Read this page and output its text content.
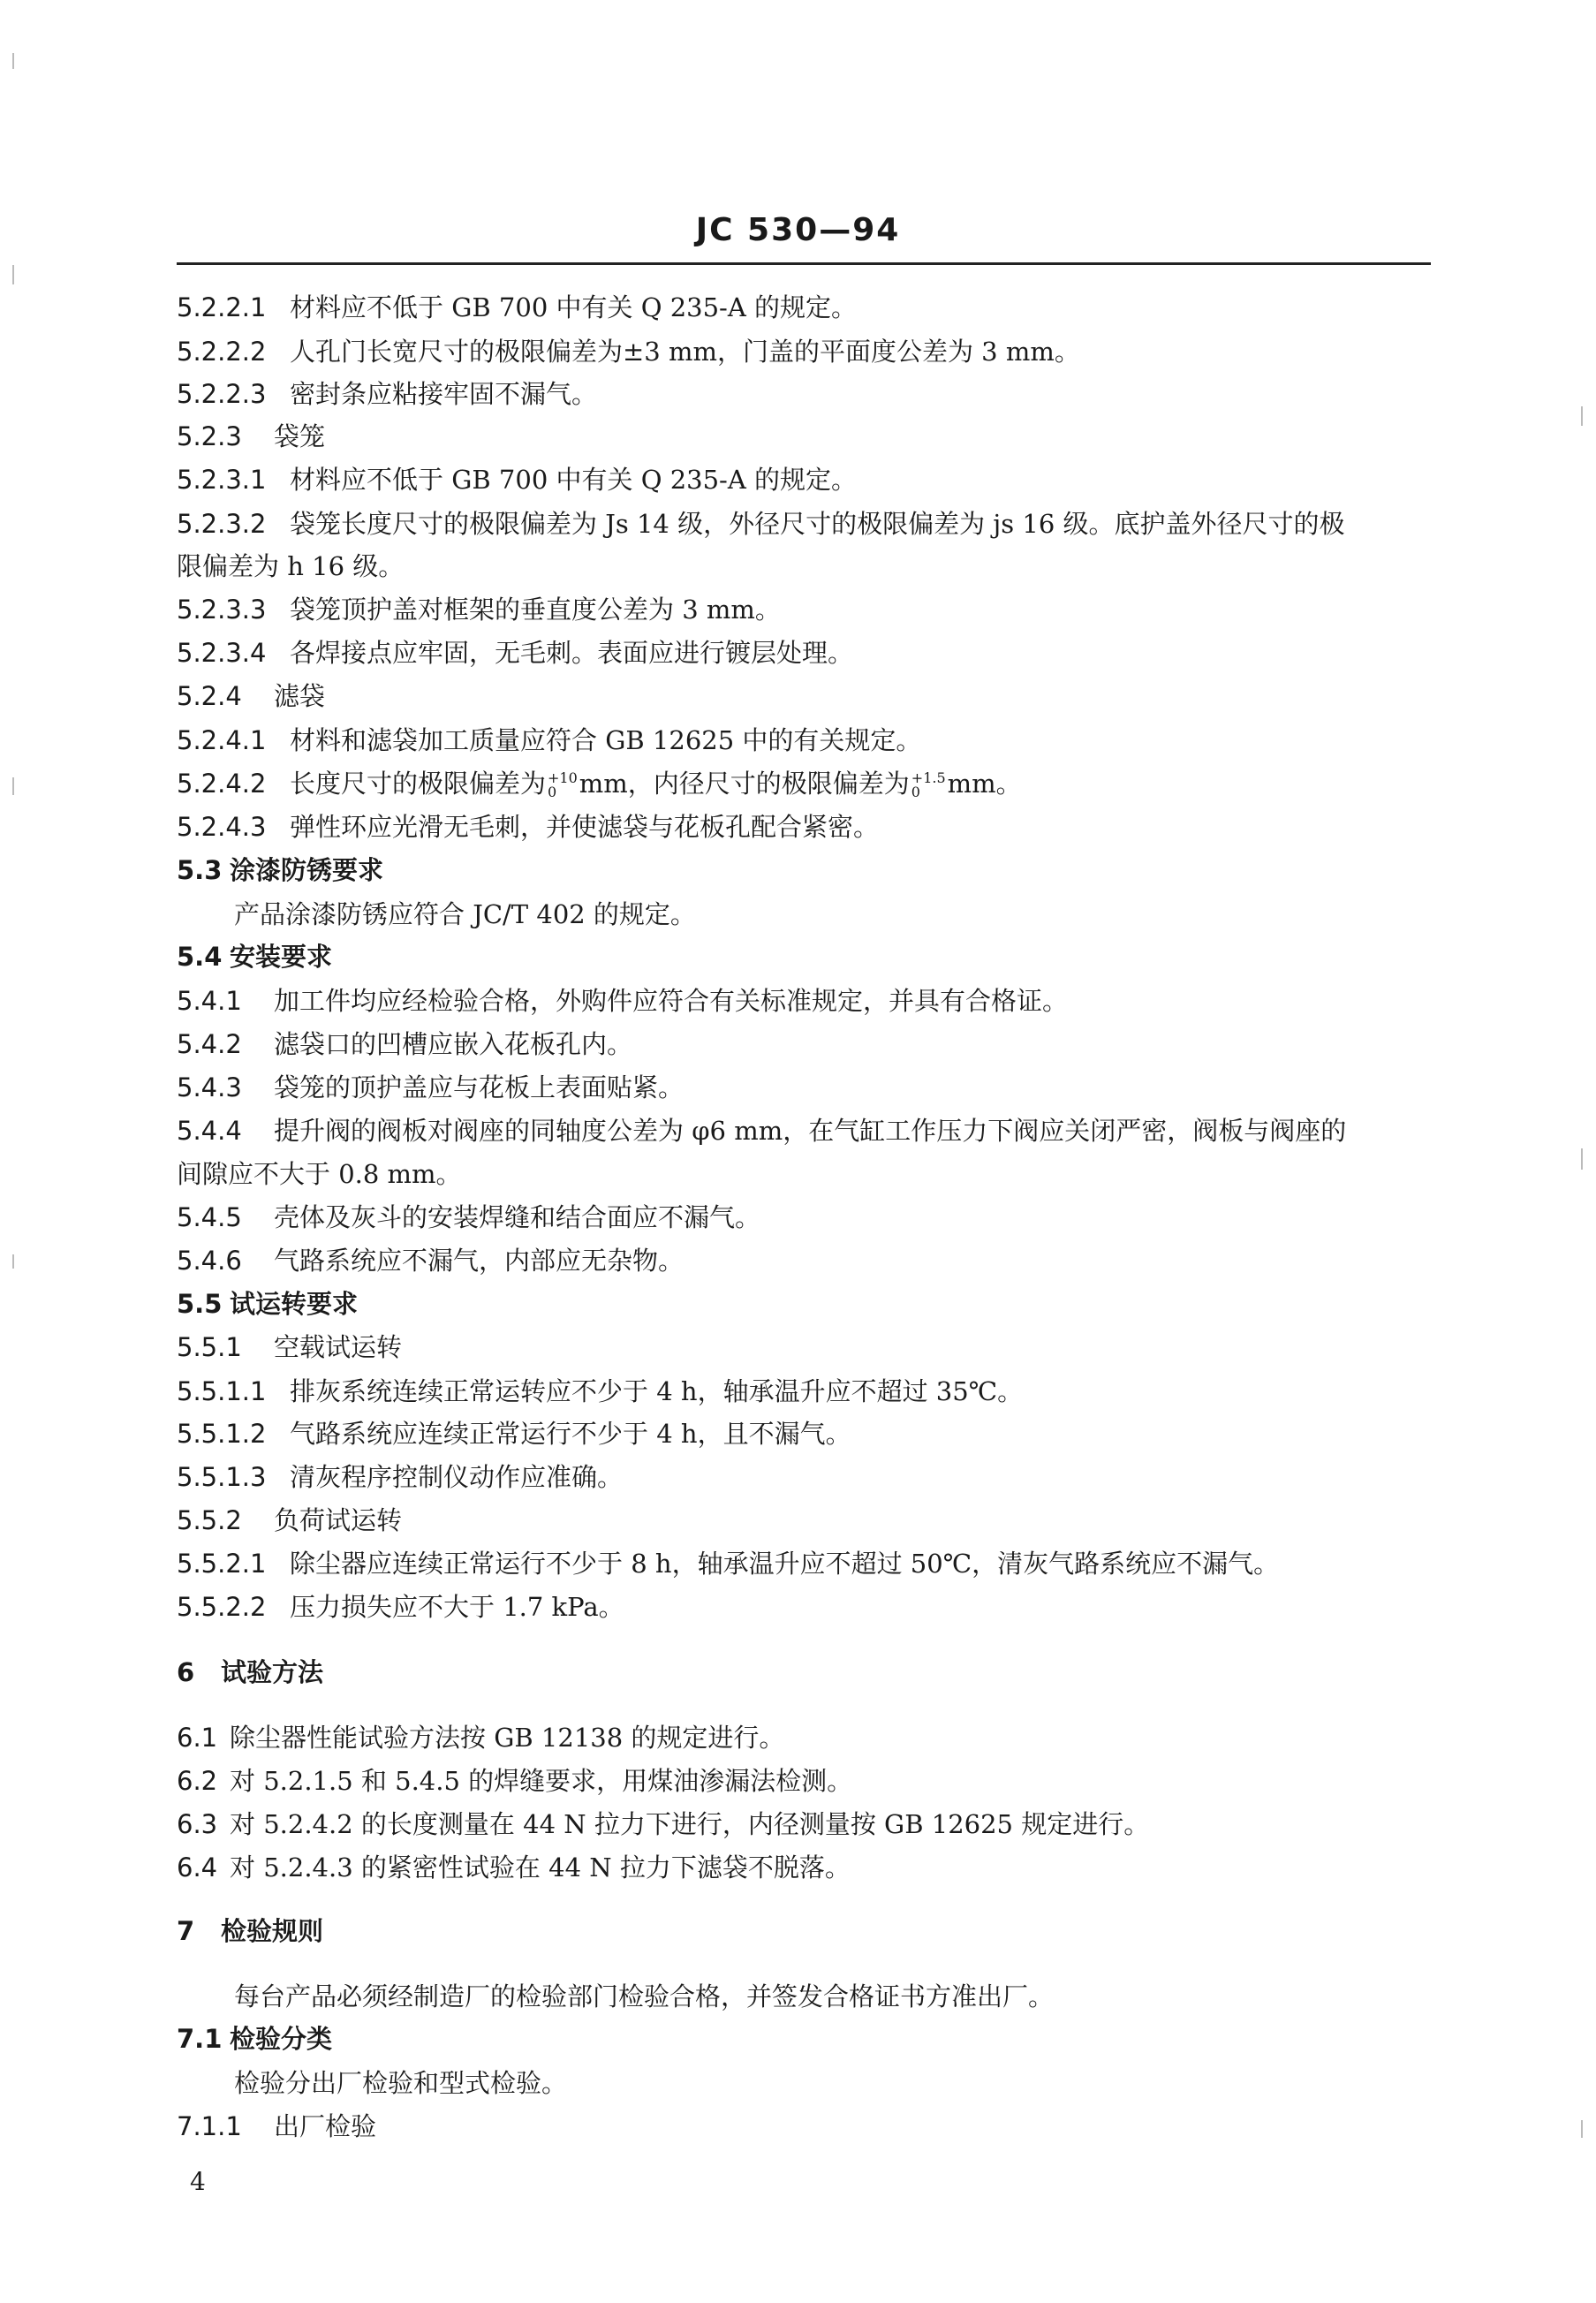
JC 530—94
5.2.2.1 材料应不低于 GB 700 中有关 Q 235-A 的规定。
5.2.2.2 人孔门长宽尺寸的极限偏差为±3 mm，门盖的平面度公差为 3 mm。
5.2.2.3 密封条应粘接牢固不漏气。
5.2.3 袋笼
5.2.3.1 材料应不低于 GB 700 中有关 Q 235-A 的规定。
5.2.3.2 袋笼长度尺寸的极限偏差为 Js 14 级，外径尺寸的极限偏差为 js 16 级。底护盖外径尺寸的极
限偏差为 h 16 级。
5.2.3.3 袋笼顶护盖对框架的垂直度公差为 3 mm。
5.2.3.4 各焊接点应牢固，无毛刺。表面应进行镀层处理。
5.2.4 滤袋
5.2.4.1 材料和滤袋加工质量应符合 GB 12625 中的有关规定。
5.2.4.2 长度尺寸的极限偏差为 +10
0 mm，内径尺寸的极限偏差为 +1.5
0	mm。
5.2.4.3 弹性环应光滑无毛刺，并使滤袋与花板孔配合紧密。
5.3 涂漆防锈要求
产品涂漆防锈应符合 JC/T 402 的规定。
5.4 安装要求
5.4.1 加工件均应经检验合格，外购件应符合有关标准规定，并具有合格证。
5.4.2 滤袋口的凹槽应嵌入花板孔内。
5.4.3 袋笼的顶护盖应与花板上表面贴紧。
5.4.4 提升阀的阀板对阀座的同轴度公差为 φ6 mm，在气缸工作压力下阀应关闭严密，阀板与阀座的
间隙应不大于 0.8 mm。
5.4.5 壳体及灰斗的安装焊缝和结合面应不漏气。
5.4.6 气路系统应不漏气，内部应无杂物。
5.5 试运转要求
5.5.1 空载试运转
5.5.1.1 排灰系统连续正常运转应不少于 4 h，轴承温升应不超过 35℃。
5.5.1.2 气路系统应连续正常运行不少于 4 h，且不漏气。
5.5.1.3 清灰程序控制仪动作应准确。
5.5.2 负荷试运转
5.5.2.1 除尘器应连续正常运行不少于 8 h，轴承温升应不超过 50℃，清灰气路系统应不漏气。
5.5.2.2 压力损失应不大于 1.7 kPa。
6 试验方法
6.1 除尘器性能试验方法按 GB 12138 的规定进行。
6.2 对 5.2.1.5 和 5.4.5 的焊缝要求，用煤油渗漏法检测。
6.3 对 5.2.4.2 的长度测量在 44 N 拉力下进行，内径测量按 GB 12625 规定进行。
6.4 对 5.2.4.3 的紧密性试验在 44 N 拉力下滤袋不脱落。
7 检验规则
每台产品必须经制造厂的检验部门检验合格，并签发合格证书方准出厂。
7.1 检验分类
检验分出厂检验和型式检验。
7.1.1 出厂检验
4
